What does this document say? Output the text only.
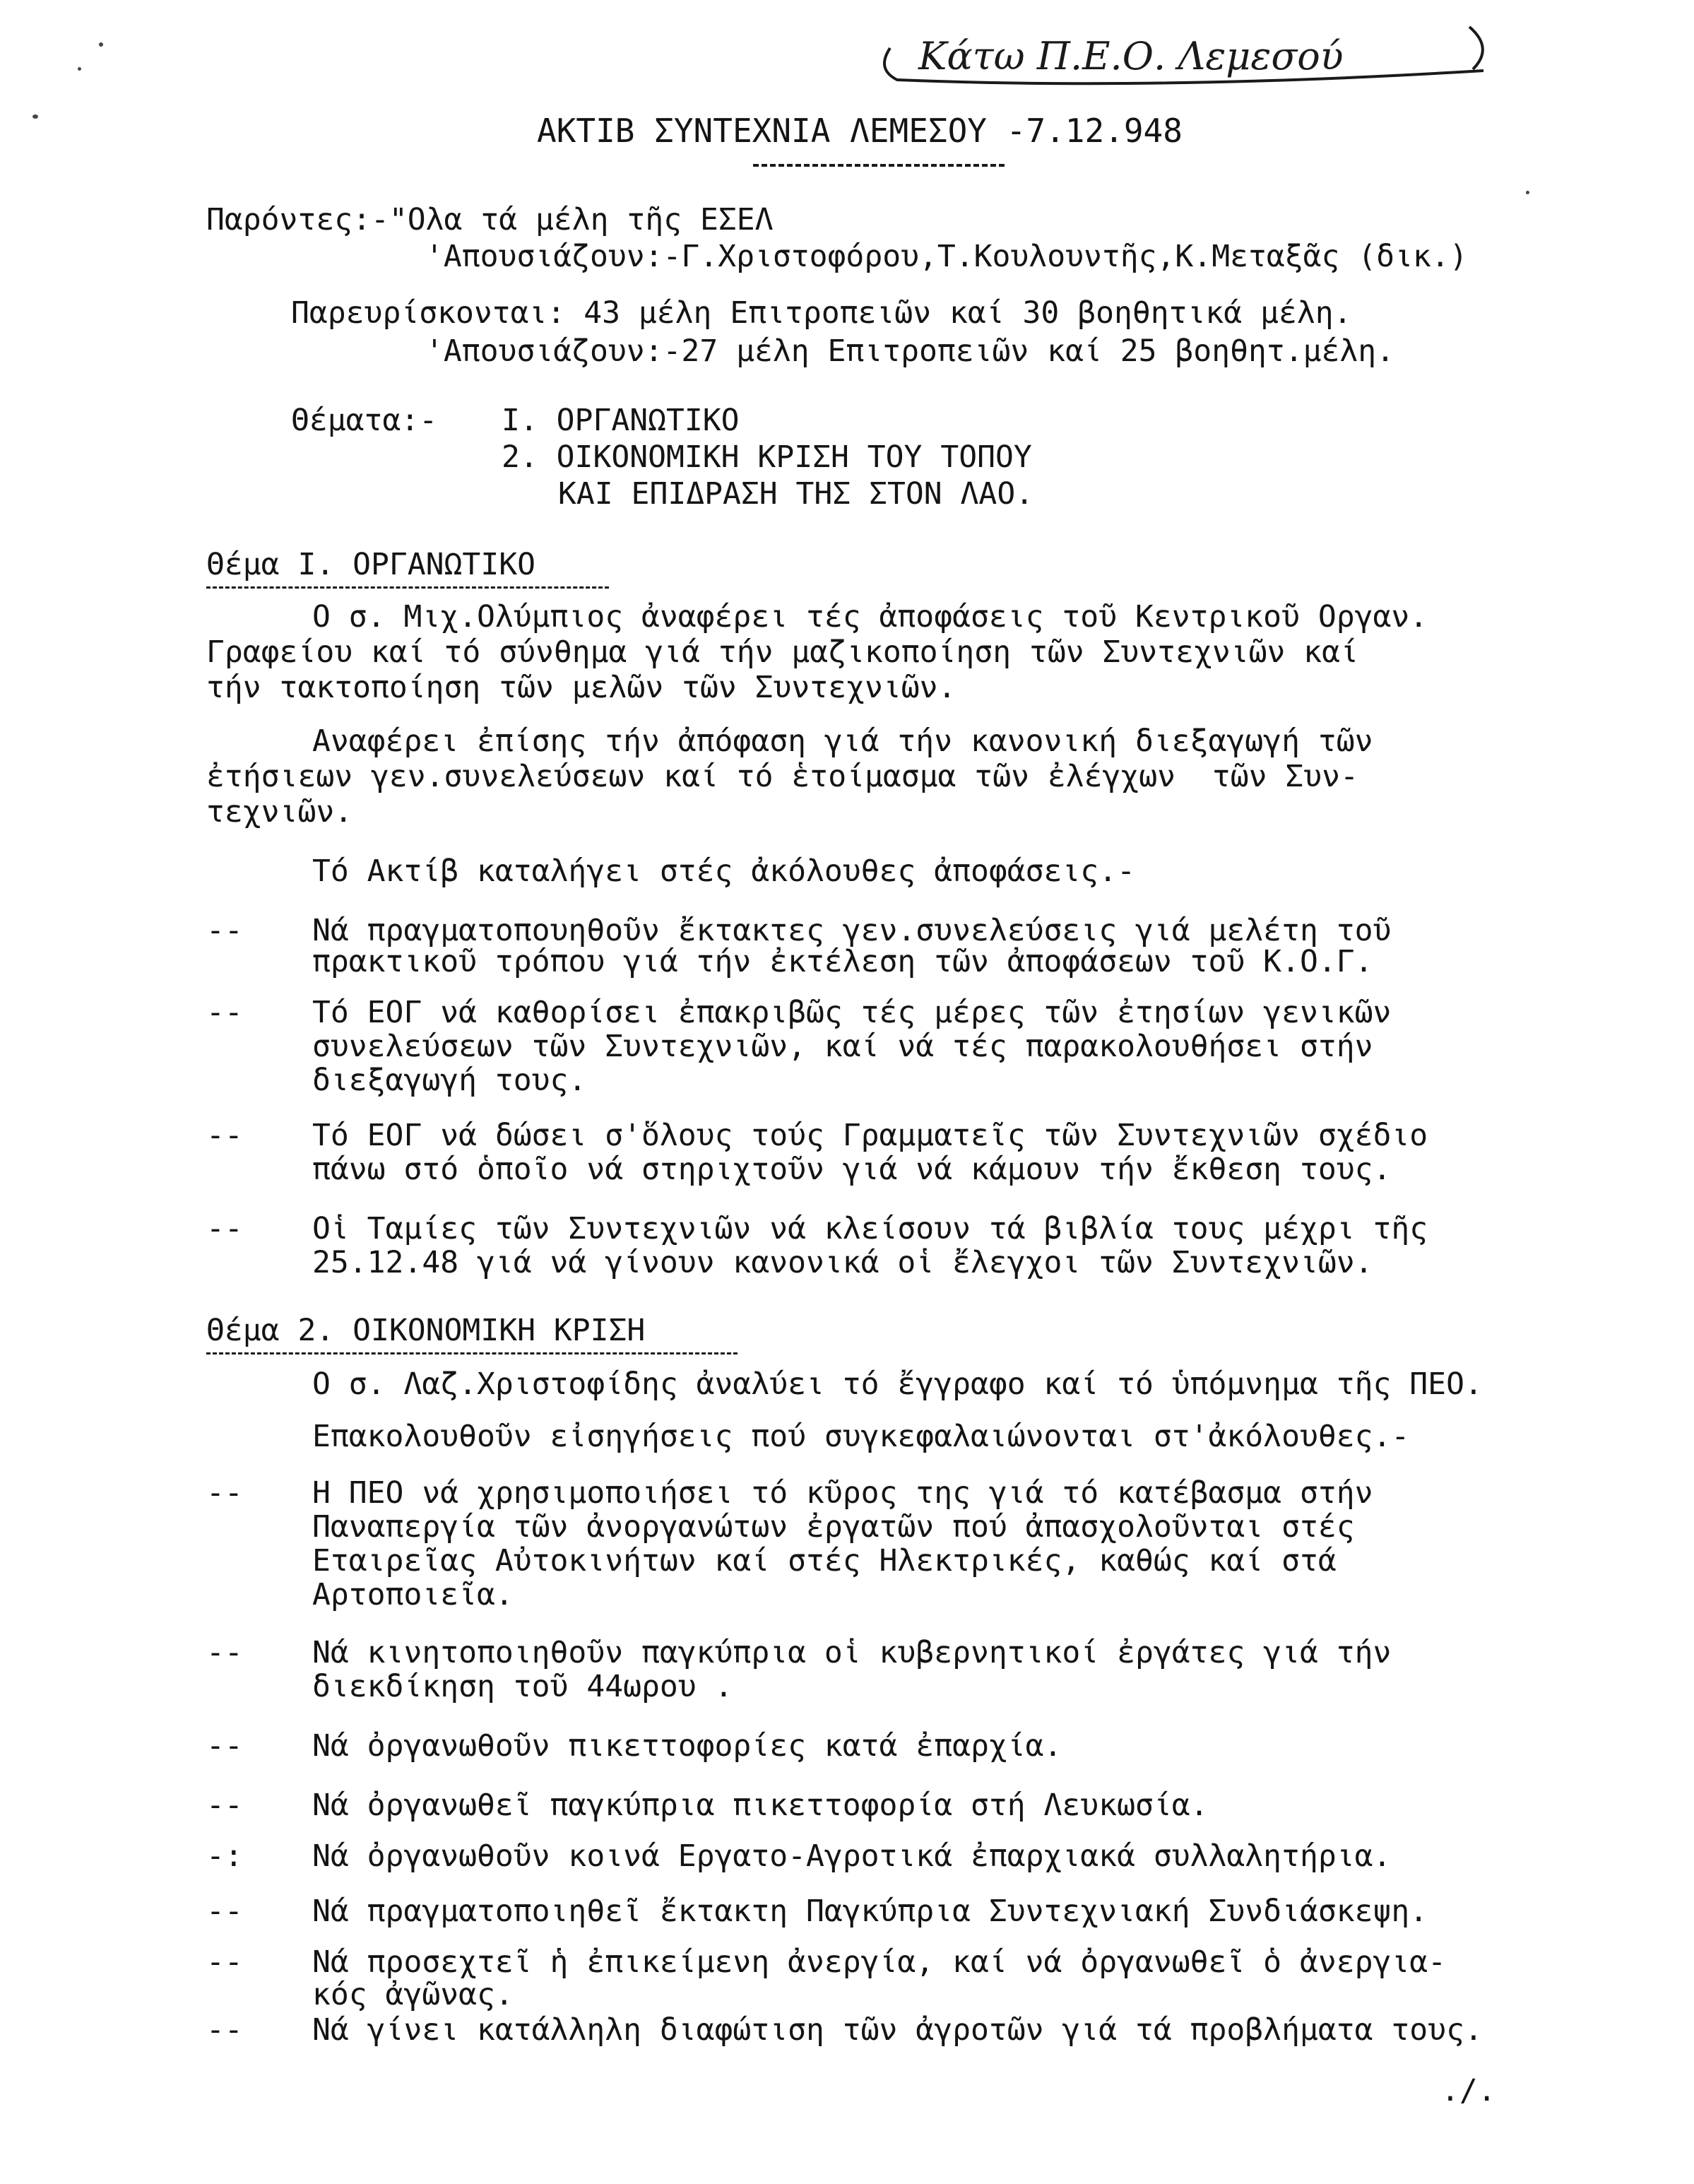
Κάτω Π.Ε.Ο. Λεμεσού
ΑΚΤΙΒ ΣΥΝΤΕΧΝΙΑ ΛΕΜΕΣΟΥ -7.12.948
Παρόντες:-"Ολα τά μέλη τῆς ΕΣΕΛ
'Απουσιάζουν:-Γ.Χριστοφόρου,Τ.Κουλουντῆς,Κ.Μεταξᾶς (δικ.)
Παρευρίσκονται: 43 μέλη Επιτροπειῶν καί 30 βοηθητικά μέλη.
'Απουσιάζουν:-27 μέλη Επιτροπειῶν καί 25 βοηθητ.μέλη.
Θέματα:- Ι. ΟΡΓΑΝΩΤΙΚΟ
2. ΟΙΚΟΝΟΜΙΚΗ ΚΡΙΣΗ ΤΟΥ ΤΟΠΟΥ
ΚΑΙ ΕΠΙΔΡΑΣΗ ΤΗΣ ΣΤΟΝ ΛΑΟ.
Θέμα Ι. ΟΡΓΑΝΩΤΙΚΟ
Ο σ. Μιχ.Ολύμπιος ἀναφέρει τές ἀποφάσεις τοῦ Κεντρικοῦ Οργαν.
Γραφείου καί τό σύνθημα γιά τήν μαζικοποίηση τῶν Συντεχνιῶν καί
τήν τακτοποίηση τῶν μελῶν τῶν Συντεχνιῶν.
Αναφέρει ἐπίσης τήν ἀπόφαση γιά τήν κανονική διεξαγωγή τῶν
ἐτήσιεων γεν.συνελεύσεων καί τό ἑτοίμασμα τῶν ἐλέγχων  τῶν Συν-
τεχνιῶν.
Τό Ακτίβ καταλήγει στές ἀκόλουθες ἀποφάσεις.-
-- Νά πραγματοπουηθοῦν ἔκτακτες γεν.συνελεύσεις γιά μελέτη τοῦ
πρακτικοῦ τρόπου γιά τήν ἐκτέλεση τῶν ἀποφάσεων τοῦ Κ.Ο.Γ.
-- Τό ΕΟΓ νά καθορίσει ἐπακριβῶς τές μέρες τῶν ἐτησίων γενικῶν
συνελεύσεων τῶν Συντεχνιῶν, καί νά τές παρακολουθήσει στήν
διεξαγωγή τους.
-- Τό ΕΟΓ νά δώσει σ'ὅλους τούς Γραμματεῖς τῶν Συντεχνιῶν σχέδιο
πάνω στό ὁποῖο νά στηριχτοῦν γιά νά κάμουν τήν ἔκθεση τους.
-- Οἱ Ταμίες τῶν Συντεχνιῶν νά κλείσουν τά βιβλία τους μέχρι τῆς
25.12.48 γιά νά γίνουν κανονικά οἱ ἔλεγχοι τῶν Συντεχνιῶν.
Θέμα 2. ΟΙΚΟΝΟΜΙΚΗ ΚΡΙΣΗ
Ο σ. Λαζ.Χριστοφίδης ἀναλύει τό ἔγγραφο καί τό ὑπόμνημα τῆς ΠΕΟ.
Επακολουθοῦν εἰσηγήσεις πού συγκεφαλαιώνονται στ'ἀκόλουθες.-
-- Η ΠΕΟ νά χρησιμοποιήσει τό κῦρος της γιά τό κατέβασμα στήν
Παναπεργία τῶν ἀνοργανώτων ἐργατῶν πού ἀπασχολοῦνται στές
Εταιρεῖας Αὐτοκινήτων καί στές Ηλεκτρικές, καθώς καί στά
Αρτοποιεῖα.
-- Νά κινητοποιηθοῦν παγκύπρια οἱ κυβερνητικοί ἐργάτες γιά τήν
διεκδίκηση τοῦ 44ωρου .
-- Νά ὀργανωθοῦν πικεττοφορίες κατά ἐπαρχία.
-- Νά ὀργανωθεῖ παγκύπρια πικεττοφορία στή Λευκωσία.
-: Νά ὀργανωθοῦν κοινά Εργατο-Αγροτικά ἐπαρχιακά συλλαλητήρια.
-- Νά πραγματοποιηθεῖ ἔκτακτη Παγκύπρια Συντεχνιακή Συνδιάσκεψη.
-- Νά προσεχτεῖ ἡ ἐπικείμενη ἀνεργία, καί νά ὀργανωθεῖ ὁ ἀνεργια-
κός ἀγῶνας.
-- Νά γίνει κατάλληλη διαφώτιση τῶν ἀγροτῶν γιά τά προβλήματα τους.
./.
